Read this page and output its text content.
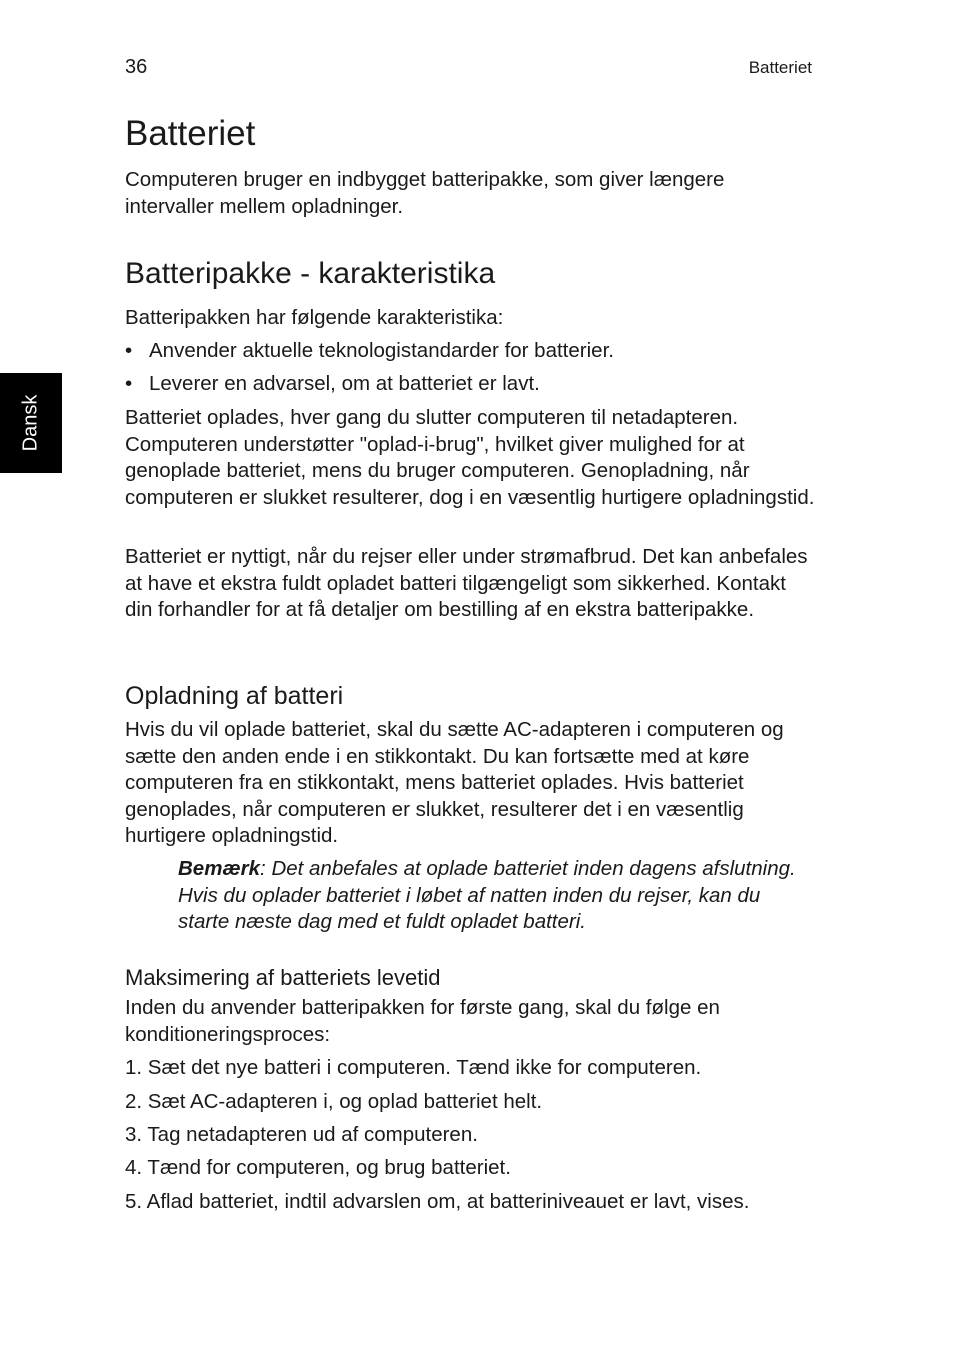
36	Batteriet
Dansk
Batteriet

Computeren bruger en indbygget batteripakke, som giver længere intervaller mellem opladninger.

Batteripakke - karakteristika

Batteripakken har følgende karakteristika:

• Anvender aktuelle teknologistandarder for batterier.
• Leverer en advarsel, om at batteriet er lavt.

Batteriet oplades, hver gang du slutter computeren til netadapteren. Computeren understøtter "oplad-i-brug", hvilket giver mulighed for at genoplade batteriet, mens du bruger computeren. Genopladning, når computeren er slukket resulterer, dog i en væsentlig hurtigere opladningstid.

Batteriet er nyttigt, når du rejser eller under strømafbrud. Det kan anbefales at have et ekstra fuldt opladet batteri tilgængeligt som sikkerhed. Kontakt din forhandler for at få detaljer om bestilling af en ekstra batteripakke.

Opladning af batteri

Hvis du vil oplade batteriet, skal du sætte AC-adapteren i computeren og sætte den anden ende i en stikkontakt. Du kan fortsætte med at køre computeren fra en stikkontakt, mens batteriet oplades. Hvis batteriet genoplades, når computeren er slukket, resulterer det i en væsentlig hurtigere opladningstid.

Bemærk: Det anbefales at oplade batteriet inden dagens afslutning. Hvis du oplader batteriet i løbet af natten inden du rejser, kan du starte næste dag med et fuldt opladet batteri.

Maksimering af batteriets levetid

Inden du anvender batteripakken for første gang, skal du følge en konditioneringsproces:

1. Sæt det nye batteri i computeren. Tænd ikke for computeren.
2. Sæt AC-adapteren i, og oplad batteriet helt.
3. Tag netadapteren ud af computeren.
4. Tænd for computeren, og brug batteriet.
5. Aflad batteriet, indtil advarslen om, at batteriniveauet er lavt, vises.
